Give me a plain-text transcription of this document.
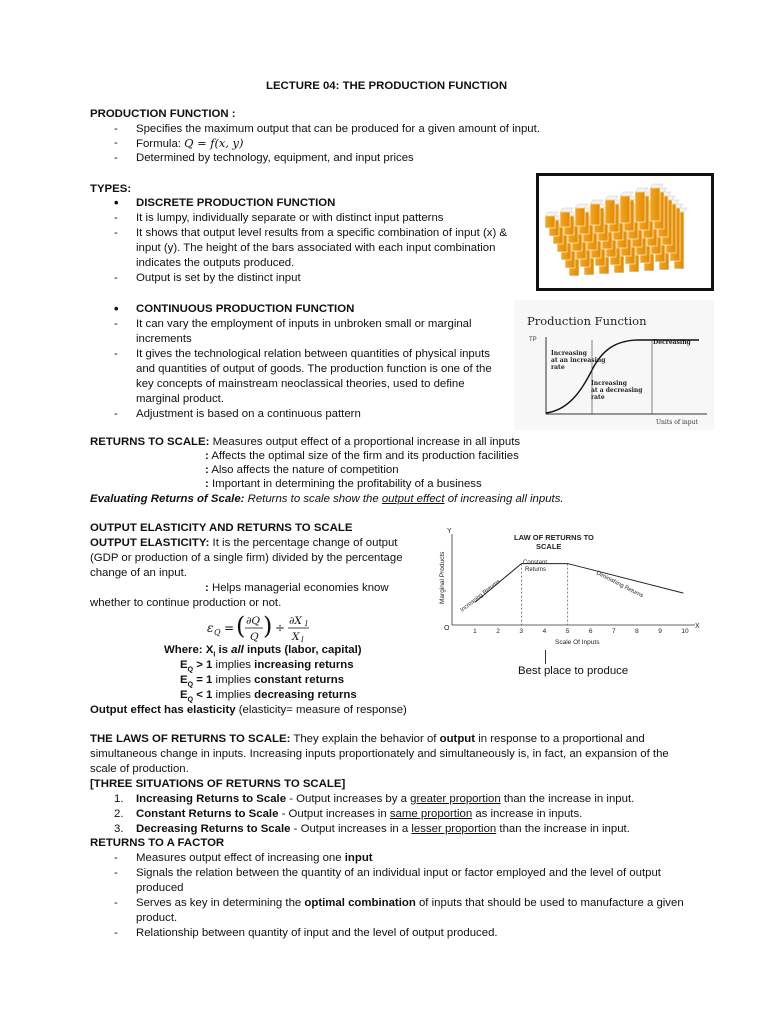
LECTURE 04: THE PRODUCTION FUNCTION
PRODUCTION FUNCTION :
- Specifies the maximum output that can be produced for a given amount of input.
- Formula: Q = f(x, y)
- Determined by technology, equipment, and input prices
TYPES:
• DISCRETE PRODUCTION FUNCTION
- It is lumpy, individually separate or with distinct input patterns
- It shows that output level results from a specific combination of input (x) &
input (y). The height of the bars associated with each input combination
indicates the outputs produced.
- Output is set by the distinct input
• CONTINUOUS PRODUCTION FUNCTION
- It can vary the employment of inputs in unbroken small or marginal
increments
- It gives the technological relation between quantities of physical inputs
and quantities of output of goods. The production function is one of the
key concepts of mainstream neoclassical theories, used to define
marginal product.
- Adjustment is based on a continuous pattern
Production Function
TP
Increasing
at an increasing
rate
Increasing
at a decreasing
rate
Decreasing
Units of input
RETURNS TO SCALE: Measures output effect of a proportional increase in all inputs
: Affects the optimal size of the firm and its production facilities
: Also affects the nature of competition
: Important in determining the profitability of a business
Evaluating Returns of Scale: Returns to scale show the output effect of increasing all inputs.
OUTPUT ELASTICITY AND RETURNS TO SCALE
OUTPUT ELASTICITY: It is the percentage change of output
(GDP or production of a single firm) divided by the percentage
change of an input.
: Helps managerial economies know
whether to continue production or not.
ε Q = ( ∂Q
Q ) ÷ ∂X I
X I
Where: $X_I$ is all inputs (labor, capital)
$E_Q > 1$ implies increasing returns
$E_Q = 1$ implies constant returns
$E_Q < 1$ implies decreasing returns
Output effect has elasticity (elasticity= measure of response)
LAW OF RETURNS TO
SCALE
Y
X
O
Marginal Products
Scale Of Inputs
Constant
Returns
Increasing Returns	Diminishing Returns
1	2	3	4	5	6	7	8	9	10
Best place to produce
THE LAWS OF RETURNS TO SCALE: They explain the behavior of output in response to a proportional and
simultaneous change in inputs. Increasing inputs proportionately and simultaneously is, in fact, an expansion of the
scale of production.
[THREE SITUATIONS OF RETURNS TO SCALE]
1. Increasing Returns to Scale - Output increases by a greater proportion than the increase in input.
2. Constant Returns to Scale - Output increases in same proportion as increase in inputs.
3. Decreasing Returns to Scale - Output increases in a lesser proportion than the increase in input.
RETURNS TO A FACTOR
- Measures output effect of increasing one input
- Signals the relation between the quantity of an individual input or factor employed and the level of output
produced
- Serves as key in determining the optimal combination of inputs that should be used to manufacture a given
product.
- Relationship between quantity of input and the level of output produced.
